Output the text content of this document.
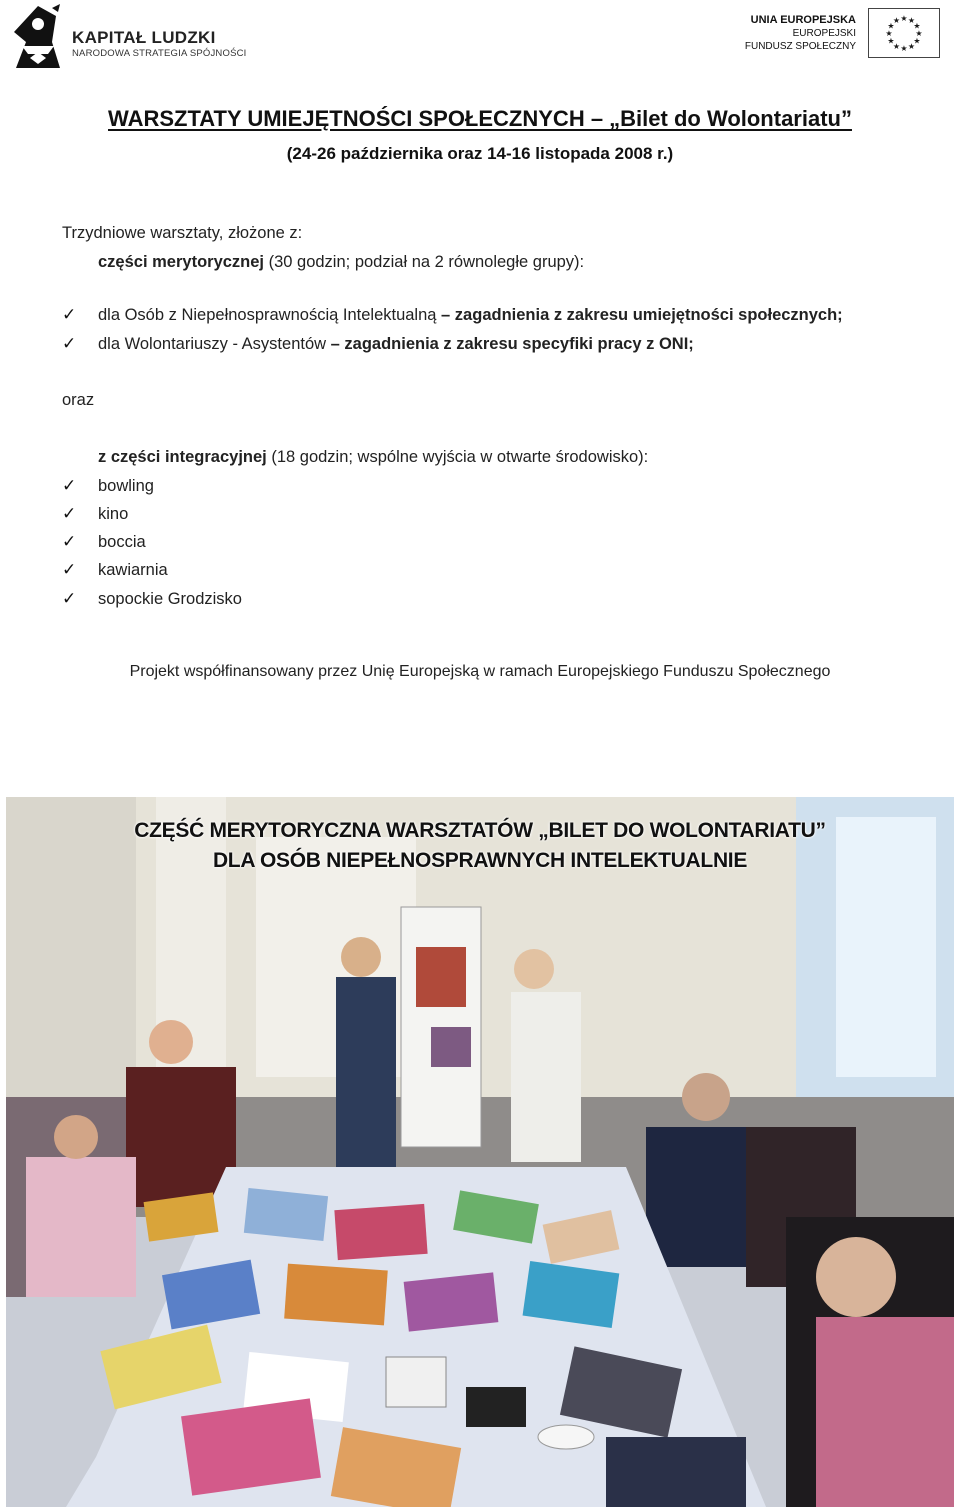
KAPITAŁ LUDZKI
NARODOWA STRATEGIA SPÓJNOŚCI
UNIA EUROPEJSKA
EUROPEJSKI
FUNDUSZ SPOŁECZNY
★ ★
★
★
★
★
★
★
★
★
★
★
WARSZTATY UMIEJĘTNOŚCI SPOŁECZNYCH – „Bilet do Wolontariatu”
(24-26 października oraz 14-16 listopada 2008 r.)
Trzydniowe warsztaty, złożone z:
części merytorycznej (30 godzin; podział na 2 równoległe grupy):
✓ dla Osób z Niepełnosprawnością Intelektualną – zagadnienia z zakresu umiejętności społecznych;
✓ dla Wolontariuszy - Asystentów – zagadnienia z zakresu specyfiki pracy z ONI;
oraz
z części integracyjnej (18 godzin; wspólne wyjścia w otwarte środowisko):
✓ bowling
✓ kino
✓ boccia
✓ kawiarnia
✓ sopockie Grodzisko
Projekt współfinansowany przez Unię Europejską w ramach Europejskiego Funduszu Społecznego
CZĘŚĆ MERYTORYCZNA WARSZTATÓW „BILET DO WOLONTARIATU”
DLA OSÓB NIEPEŁNOSPRAWNYCH INTELEKTUALNIE
